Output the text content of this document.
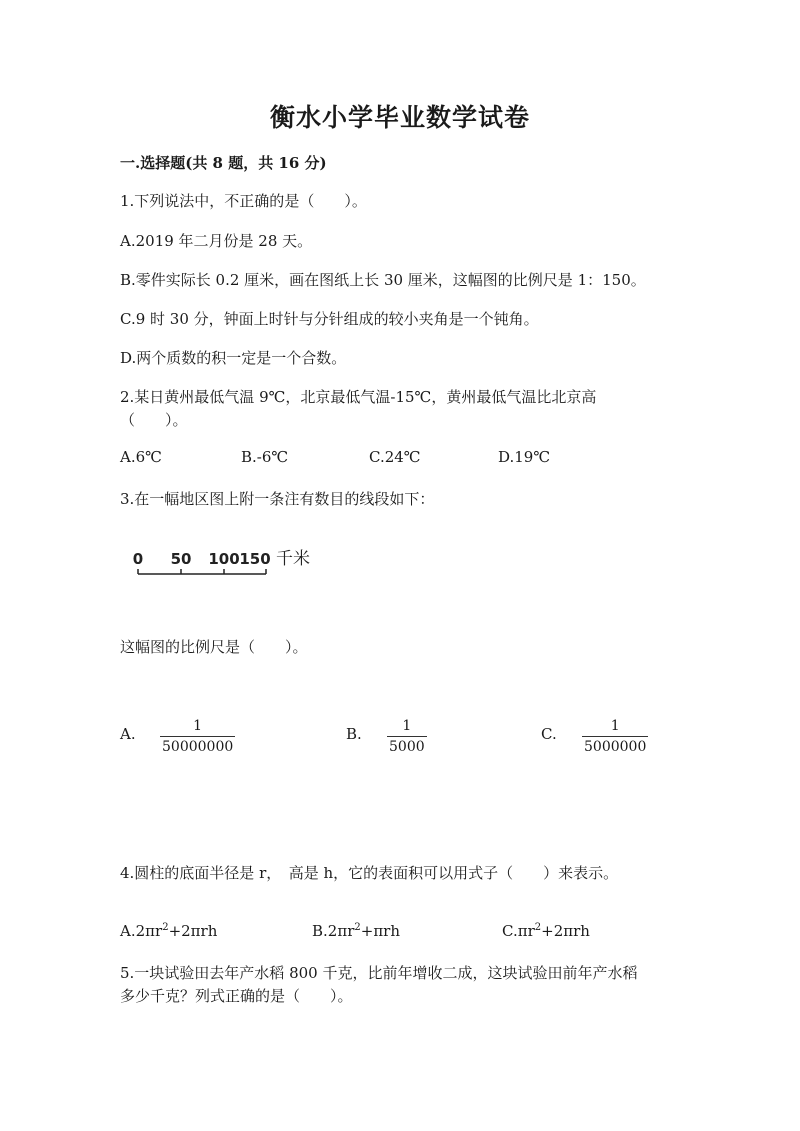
衡水小学毕业数学试卷
一.选择题(共 8 题，共 16 分)
1.下列说法中，不正确的是（　　）。
A.2019 年二月份是 28 天。
B.零件实际长 0.2 厘米，画在图纸上长 30 厘米，这幅图的比例尺是 1：150。
C.9 时 30 分，钟面上时针与分针组成的较小夹角是一个钝角。
D.两个质数的积一定是一个合数。
2.某日黄州最低气温 9℃，北京最低气温-15℃，黄州最低气温比北京高
（　　）。
A.6℃	B.-6℃	C.24℃	D.19℃
3.在一幅地区图上附一条注有数目的线段如下：
0 50 100 150 千米
这幅图的比例尺是（　　）。
A. $\frac{1}{50000000}$	B. $\frac{1}{5000}$	C. $\frac{1}{5000000}$
4.圆柱的底面半径是 r，　高是 h，它的表面积可以用式子（　　）来表示。
$A.2\pi r^2+2\pi rh$	$B.2\pi r^2+\pi rh$	$C.\pi r^2+2\pi rh$
5.一块试验田去年产水稻 800 千克，比前年增收二成，这块试验田前年产水稻
多少千克？列式正确的是（　　）。
